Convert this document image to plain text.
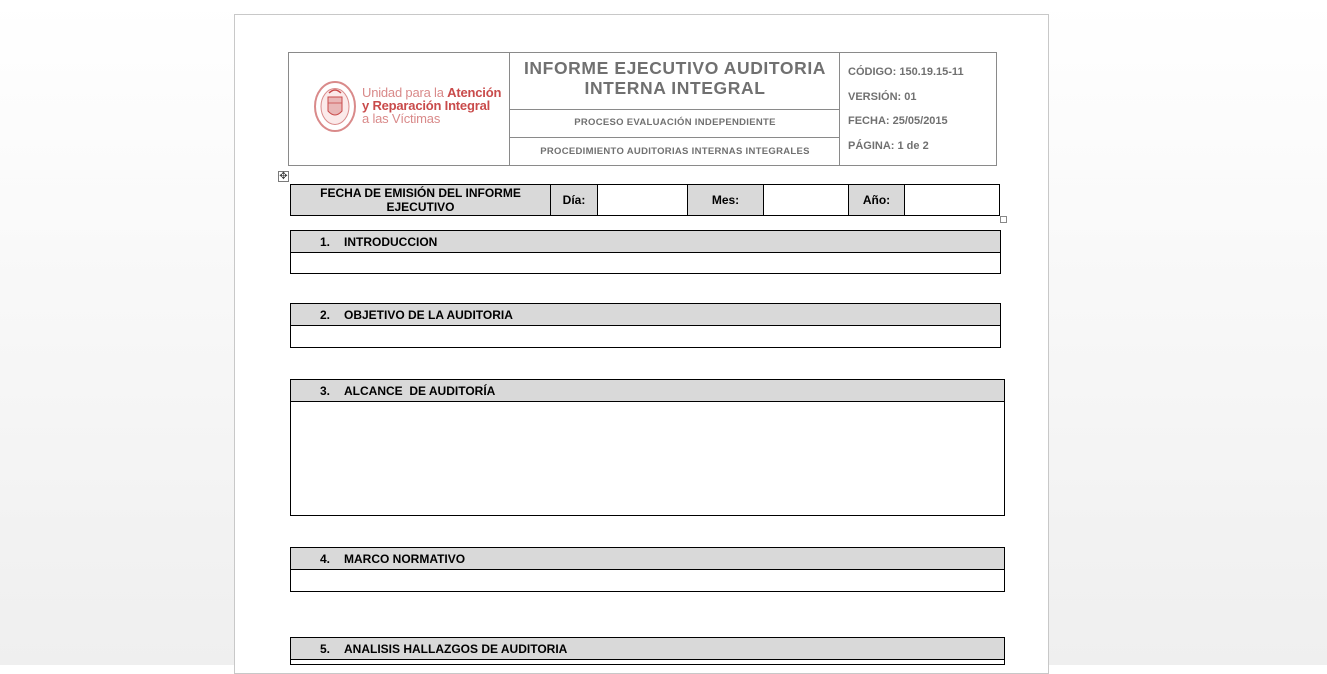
Unidad para la Atención
y Reparación Integral
a las Víctimas
INFORME EJECUTIVO AUDITORIA
INTERNA INTEGRAL
PROCESO EVALUACIÓN INDEPENDIENTE
PROCEDIMIENTO AUDITORIAS INTERNAS INTEGRALES
CÓDIGO: 150.19.15-11
VERSIÓN: 01
FECHA: 25/05/2015
PÁGINA: 1 de 2
✥
FECHA DE EMISIÓN DEL INFORME EJECUTIVO	Día:	Mes:	Año:
1.	INTRODUCCION
2.	OBJETIVO DE LA AUDITORIA
3.	ALCANCE  DE AUDITORÍA
4.	MARCO NORMATIVO
5.	ANALISIS HALLAZGOS DE AUDITORIA
